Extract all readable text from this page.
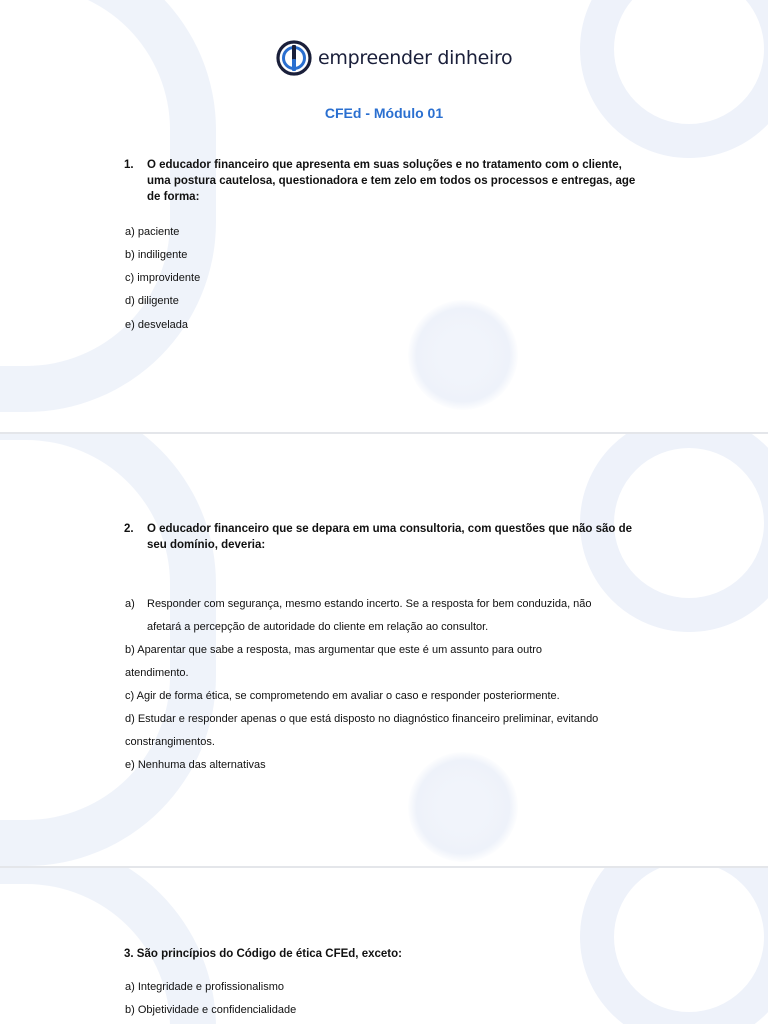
empreender dinheiro
CFEd - Módulo 01
1.	O educador financeiro que apresenta em suas soluções e no tratamento com o cliente, uma postura cautelosa, questionadora e tem zelo em todos os processos e entregas, age de forma:
a) paciente
b) indiligente
c) improvidente
d) diligente
e) desvelada
2.	O educador financeiro que se depara em uma consultoria, com questões que não são de seu domínio, deveria:
a) Responder com segurança, mesmo estando incerto. Se a resposta for bem conduzida, não
afetará a percepção de autoridade do cliente em relação ao consultor.
b) Aparentar que sabe a resposta, mas argumentar que este é um assunto para outro
atendimento.
c) Agir de forma ética, se comprometendo em avaliar o caso e responder posteriormente.
d) Estudar e responder apenas o que está disposto no diagnóstico financeiro preliminar, evitando
constrangimentos.
e) Nenhuma das alternativas
3. São princípios do Código de ética CFEd, exceto:
a) Integridade e profissionalismo
b) Objetividade e confidencialidade
